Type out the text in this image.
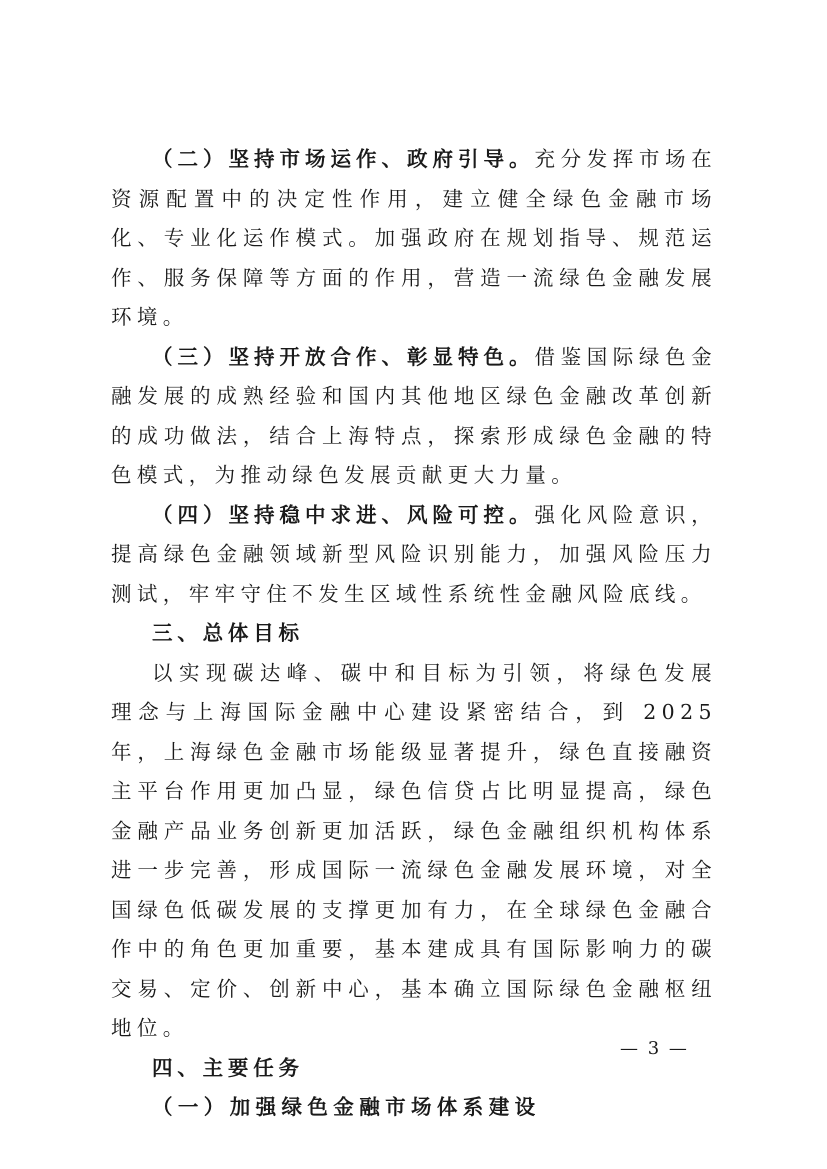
（二）坚持市场运作、政府引导。充分发挥市场在资源配置中的决定性作用，建立健全绿色金融市场化、专业化运作模式。加强政府在规划指导、规范运作、服务保障等方面的作用，营造一流绿色金融发展环境。

（三）坚持开放合作、彰显特色。借鉴国际绿色金融发展的成熟经验和国内其他地区绿色金融改革创新的成功做法，结合上海特点，探索形成绿色金融的特色模式，为推动绿色发展贡献更大力量。

（四）坚持稳中求进、风险可控。强化风险意识，提高绿色金融领域新型风险识别能力，加强风险压力测试，牢牢守住不发生区域性系统性金融风险底线。

三、总体目标

以实现碳达峰、碳中和目标为引领，将绿色发展理念与上海国际金融中心建设紧密结合，到 2025 年，上海绿色金融市场能级显著提升，绿色直接融资主平台作用更加凸显，绿色信贷占比明显提高，绿色金融产品业务创新更加活跃，绿色金融组织机构体系进一步完善，形成国际一流绿色金融发展环境，对全国绿色低碳发展的支撑更加有力，在全球绿色金融合作中的角色更加重要，基本建成具有国际影响力的碳交易、定价、创新中心，基本确立国际绿色金融枢纽地位。

四、主要任务

（一）加强绿色金融市场体系建设

— 3 —
